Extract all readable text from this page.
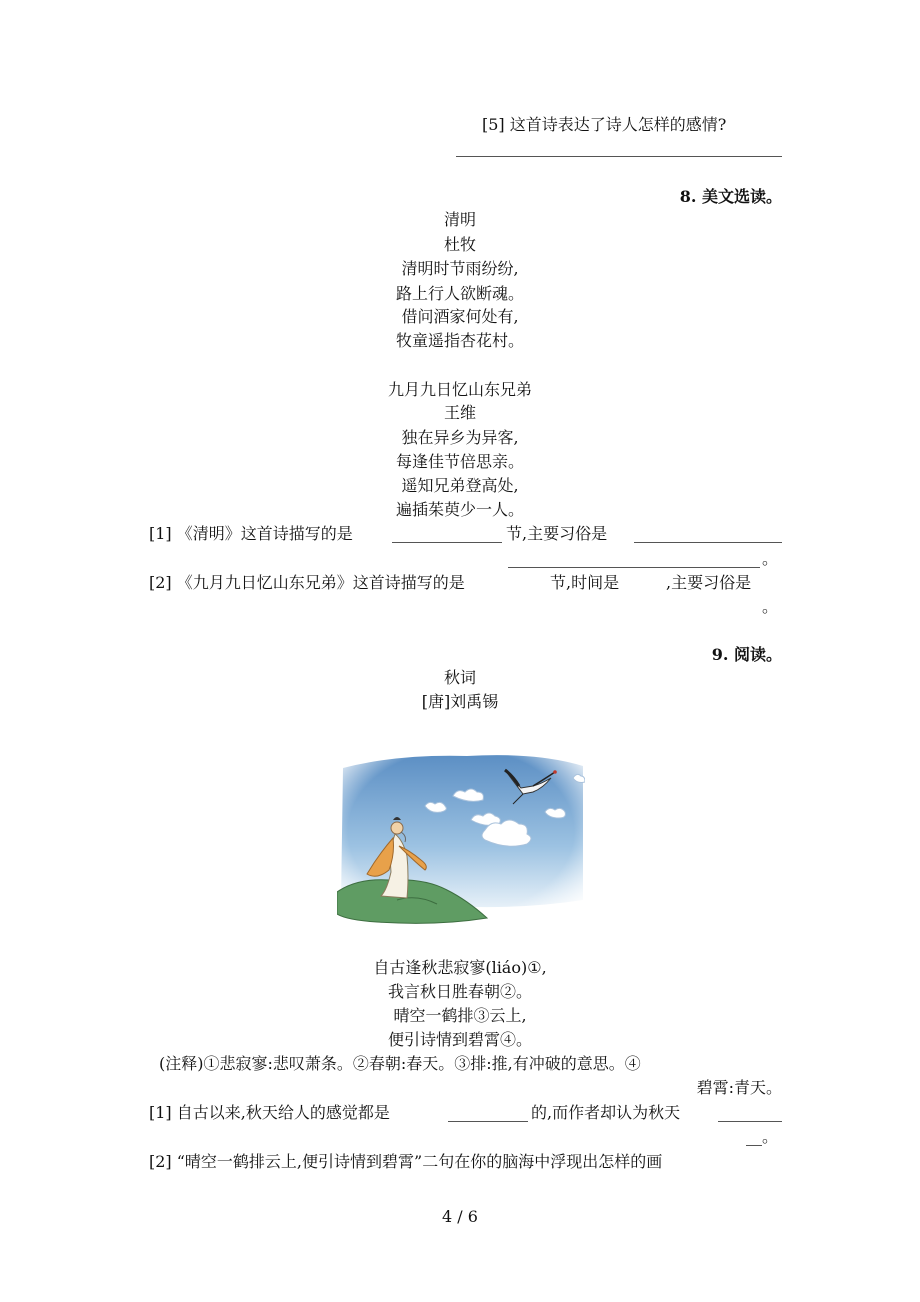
[5] 这首诗表达了诗人怎样的感情?
8. 美文选读。
清明
杜牧
清明时节雨纷纷,
路上行人欲断魂。
借问酒家何处有,
牧童遥指杏花村。
九月九日忆山东兄弟
王维
独在异乡为异客,
每逢佳节倍思亲。
遥知兄弟登高处,
遍插茱萸少一人。
[1] 《清明》这首诗描写的是	节,主要习俗是
。
[2] 《九月九日忆山东兄弟》这首诗描写的是	节,时间是	,主要习俗是
。
9. 阅读。
秋词
[唐]刘禹锡
自古逢秋悲寂寥(liáo)①,
我言秋日胜春朝②。
晴空一鹤排③云上,
便引诗情到碧霄④。
(注释)①悲寂寥:悲叹萧条。②春朝:春天。③排:推,有冲破的意思。④
碧霄:青天。
[1] 自古以来,秋天给人的感觉都是	的,而作者却认为秋天
。
[2] “晴空一鹤排云上,便引诗情到碧霄”二句在你的脑海中浮现出怎样的画
4 / 6
